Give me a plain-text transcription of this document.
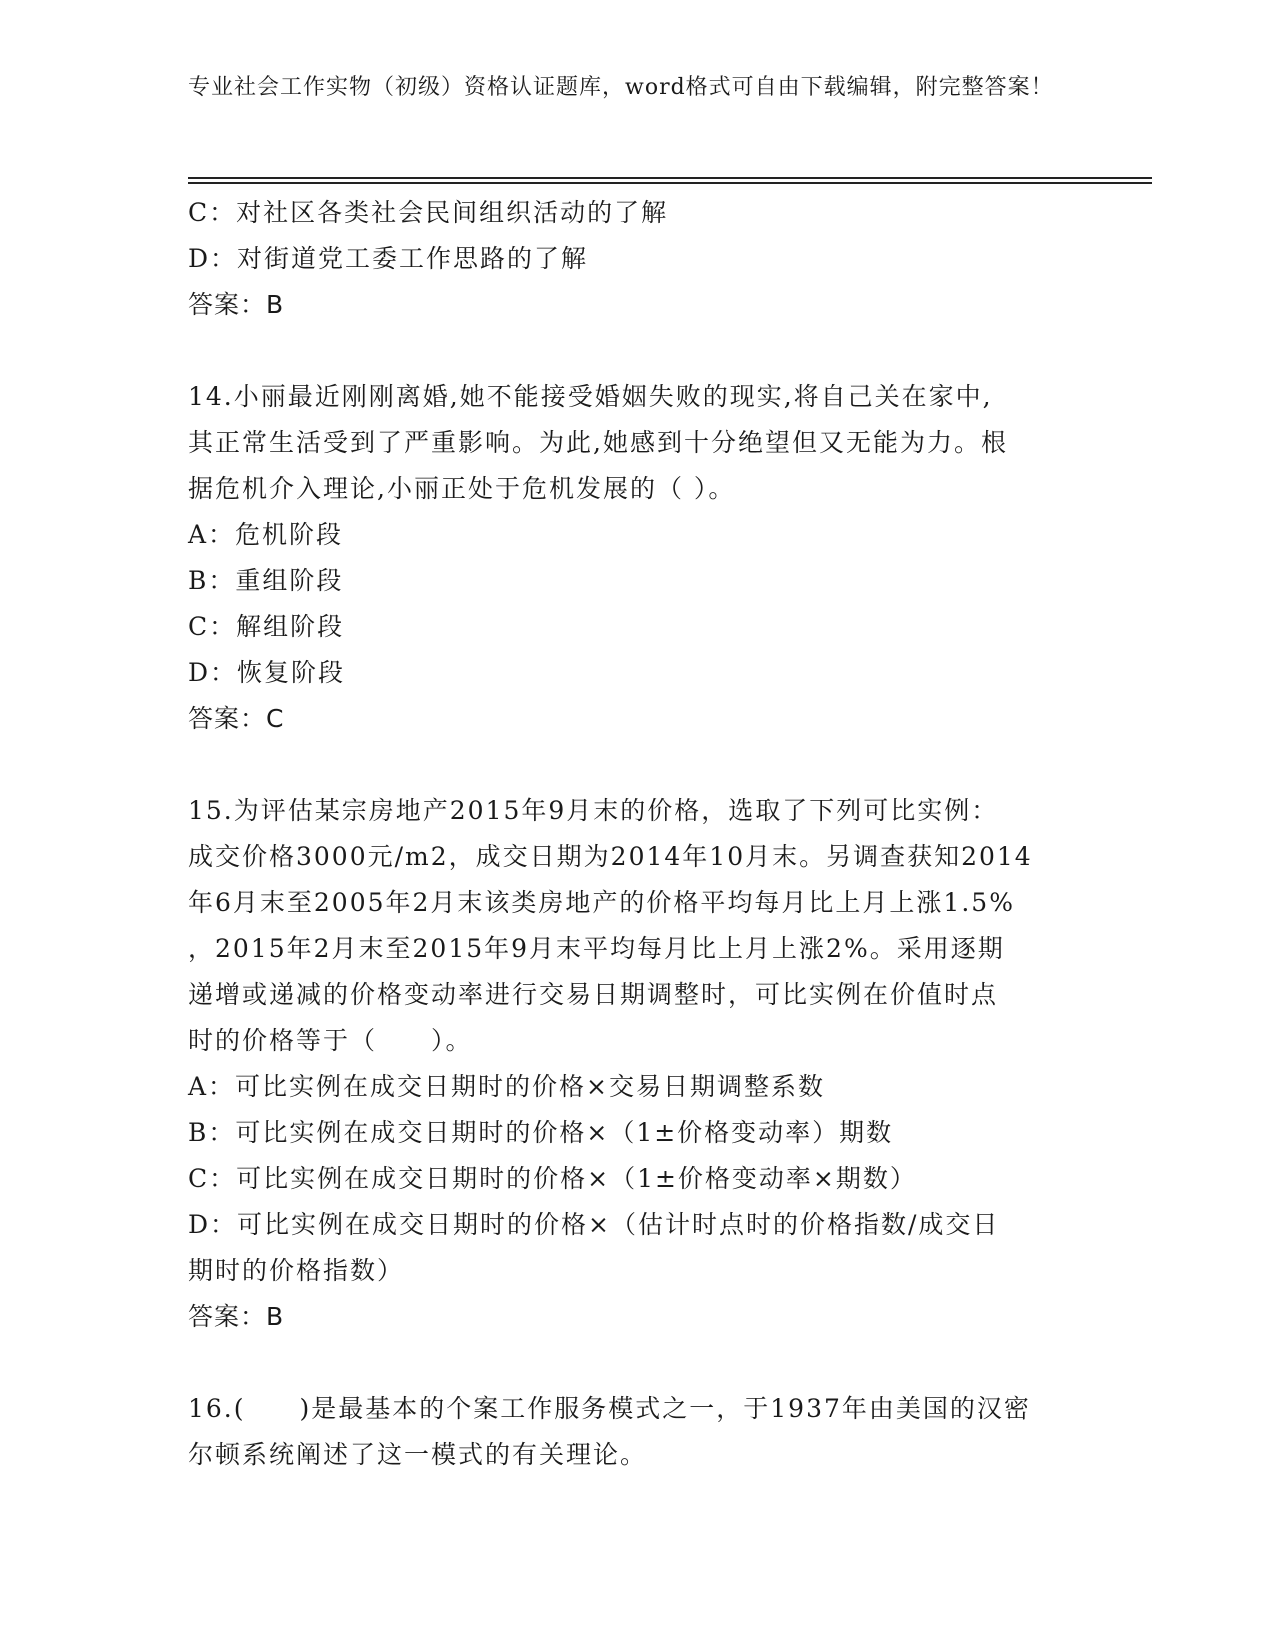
专业社会工作实物（初级）资格认证题库，word格式可自由下载编辑，附完整答案！
C：对社区各类社会民间组织活动的了解
D：对街道党工委工作思路的了解
答案：B
14.小丽最近刚刚离婚,她不能接受婚姻失败的现实,将自己关在家中,
其正常生活受到了严重影响。为此,她感到十分绝望但又无能为力。根
据危机介入理论,小丽正处于危机发展的（ ）。
A：危机阶段
B：重组阶段
C：解组阶段
D：恢复阶段
答案：C
15.为评估某宗房地产2015年9月末的价格，选取了下列可比实例：
成交价格3000元/m2，成交日期为2014年10月末。另调查获知2014
年6月末至2005年2月末该类房地产的价格平均每月比上月上涨1.5%
，2015年2月末至2015年9月末平均每月比上月上涨2%。采用逐期
递增或递减的价格变动率进行交易日期调整时，可比实例在价值时点
时的价格等于（　　）。
A：可比实例在成交日期时的价格×交易日期调整系数
B：可比实例在成交日期时的价格×（1±价格变动率）期数
C：可比实例在成交日期时的价格×（1±价格变动率×期数）
D：可比实例在成交日期时的价格×（估计时点时的价格指数/成交日
期时的价格指数）
答案：B
16.(　　)是最基本的个案工作服务模式之一，于1937年由美国的汉密
尔顿系统阐述了这一模式的有关理论。
